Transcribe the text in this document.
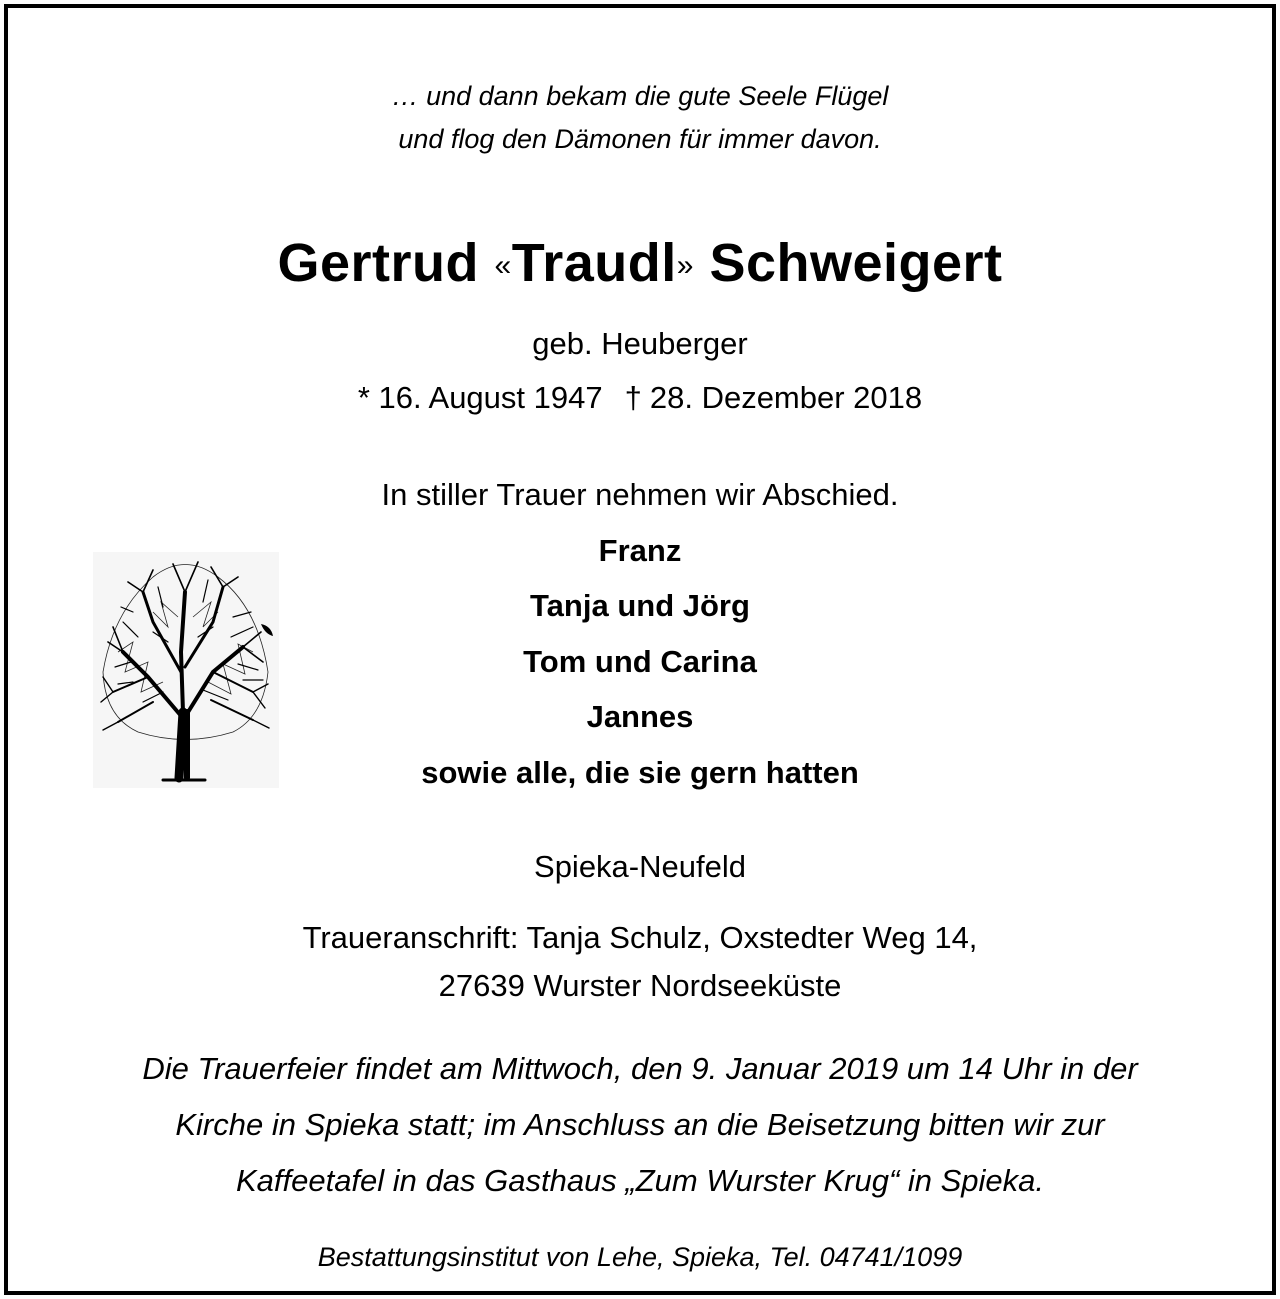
… und dann bekam die gute Seele Flügel
und flog den Dämonen für immer davon.
Gertrud «Traudl» Schweigert
geb. Heuberger
* 16. August 1947 † 28. Dezember 2018
In stiller Trauer nehmen wir Abschied.
Franz
Tanja und Jörg
Tom und Carina
Jannes
sowie alle, die sie gern hatten
Spieka-Neufeld
Traueranschrift: Tanja Schulz, Oxstedter Weg 14,
27639 Wurster Nordseeküste
Die Trauerfeier findet am Mittwoch, den 9. Januar 2019 um 14 Uhr in der
Kirche in Spieka statt; im Anschluss an die Beisetzung bitten wir zur
Kaffeetafel in das Gasthaus „Zum Wurster Krug“ in Spieka.
Bestattungsinstitut von Lehe, Spieka, Tel. 04741/1099
